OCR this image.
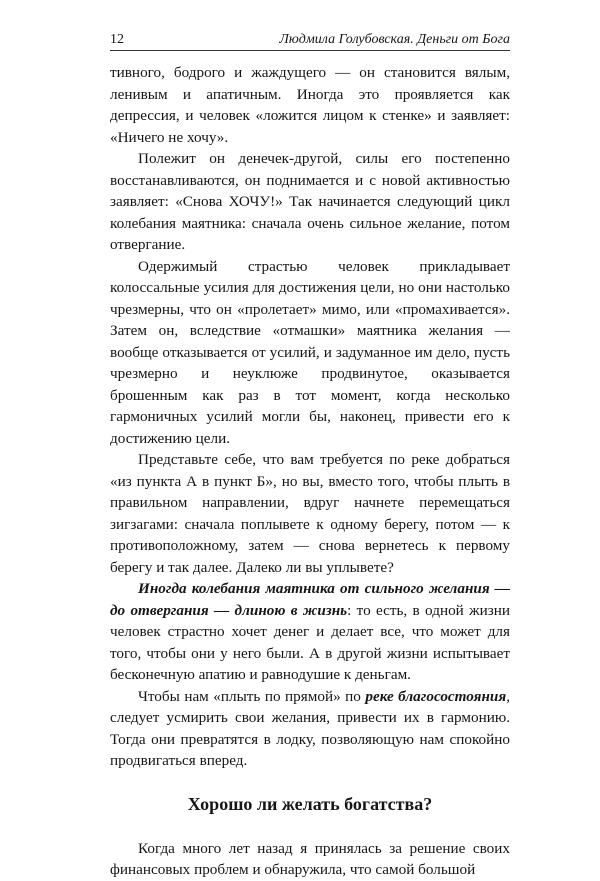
12	Людмила Голубовская. Деньги от Бога

тивного, бодрого и жаждущего — он становится вялым, ленивым и апатичным. Иногда это проявляется как депрессия, и человек «ложится лицом к стенке» и заявляет: «Ничего не хочу».

Полежит он денечек-другой, силы его постепенно восстанавливаются, он поднимается и с новой активностью заявляет: «Снова ХОЧУ!» Так начинается следующий цикл колебания маятника: сначала очень сильное желание, потом отвергание.

Одержимый страстью человек прикладывает колоссальные усилия для достижения цели, но они настолько чрезмерны, что он «пролетает» мимо, или «промахивается». Затем он, вследствие «отмашки» маятника желания — вообще отказывается от усилий, и задуманное им дело, пусть чрезмерно и неуклюже продвинутое, оказывается брошенным как раз в тот момент, когда несколько гармоничных усилий могли бы, наконец, привести его к достижению цели.

Представьте себе, что вам требуется по реке добраться «из пункта А в пункт Б», но вы, вместо того, чтобы плыть в правильном направлении, вдруг начнете перемещаться зигзагами: сначала поплывете к одному берегу, потом — к противоположному, затем — снова вернетесь к первому берегу и так далее. Далеко ли вы уплывете?

Иногда колебания маятника от сильного желания — до отвергания — длиною в жизнь: то есть, в одной жизни человек страстно хочет денег и делает все, что может для того, чтобы они у него были. А в другой жизни испытывает бесконечную апатию и равнодушие к деньгам.

Чтобы нам «плыть по прямой» по реке благосостояния, следует усмирить свои желания, привести их в гармонию. Тогда они превратятся в лодку, позволяющую нам спокойно продвигаться вперед.

Хорошо ли желать богатства?

Когда много лет назад я принялась за решение своих финансовых проблем и обнаружила, что самой большой
